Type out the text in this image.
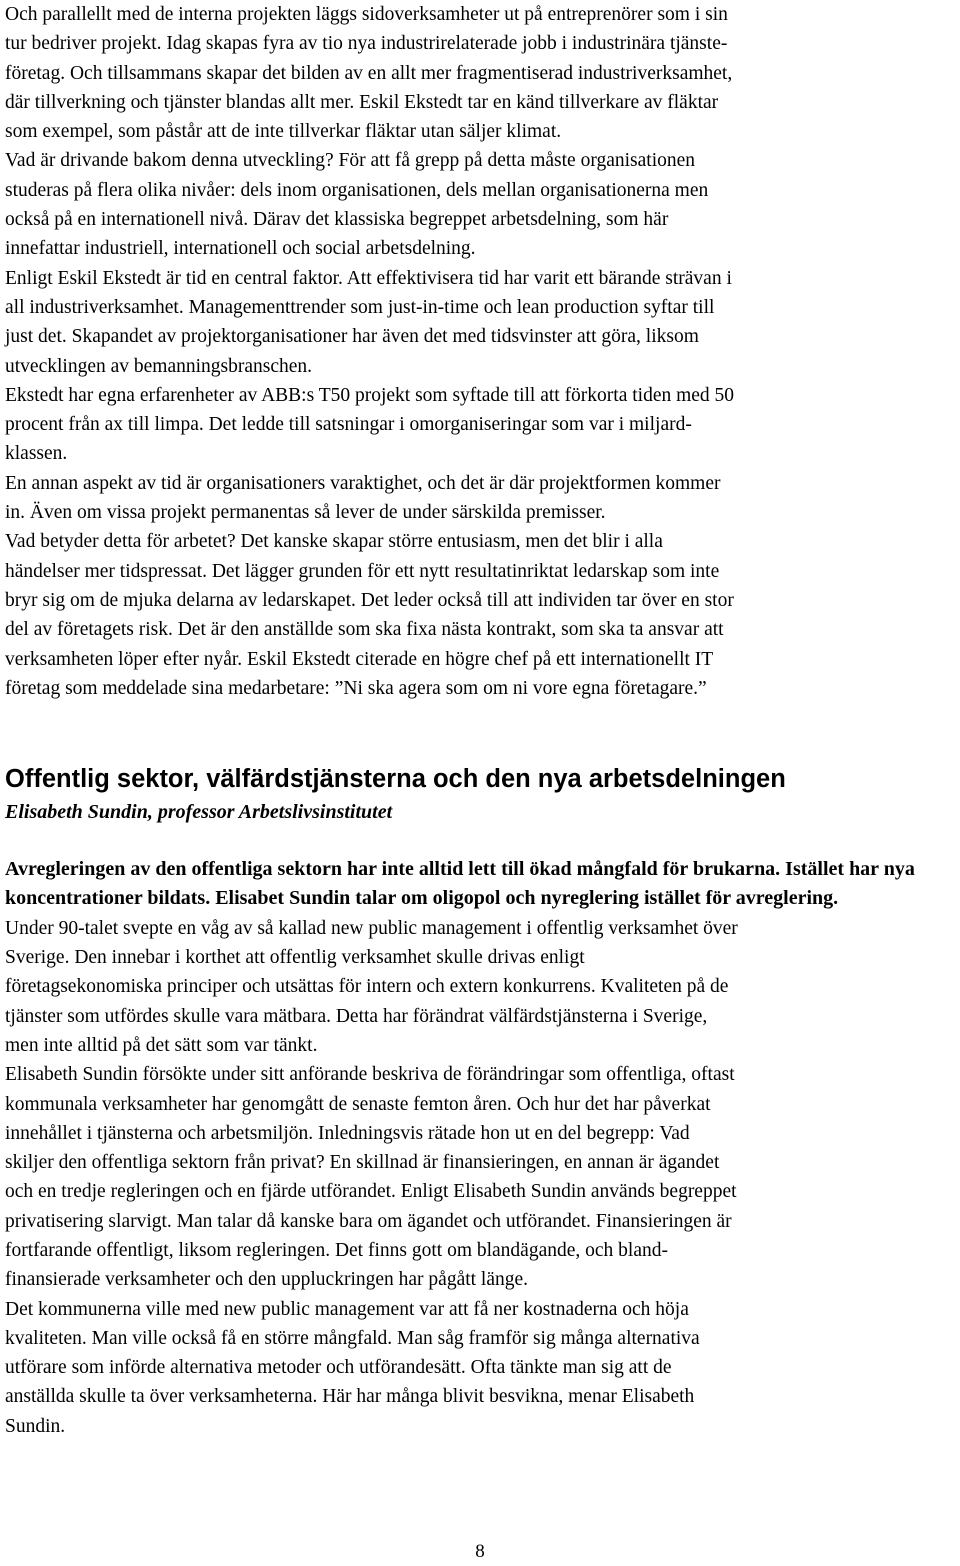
Och parallellt med de interna projekten läggs sidoverksamheter ut på entreprenörer som i sin
tur bedriver projekt. Idag skapas fyra av tio nya industrirelaterade jobb i industrinära tjänste-
företag. Och tillsammans skapar det bilden av en allt mer fragmentiserad industriverksamhet,
där tillverkning och tjänster blandas allt mer. Eskil Ekstedt tar en känd tillverkare av fläktar
som exempel, som påstår att de inte tillverkar fläktar utan säljer klimat.

Vad är drivande bakom denna utveckling? För att få grepp på detta måste organisationen
studeras på flera olika nivåer: dels inom organisationen, dels mellan organisationerna men
också på en internationell nivå. Därav det klassiska begreppet arbetsdelning, som här
innefattar industriell, internationell och social arbetsdelning.

Enligt Eskil Ekstedt är tid en central faktor. Att effektivisera tid har varit ett bärande strävan i
all industriverksamhet. Managementtrender som just-in-time och lean production syftar till
just det. Skapandet av projektorganisationer har även det med tidsvinster att göra, liksom
utvecklingen av bemanningsbranschen.

Ekstedt har egna erfarenheter av ABB:s T50 projekt som syftade till att förkorta tiden med 50
procent från ax till limpa. Det ledde till satsningar i omorganiseringar som var i miljard-
klassen.

En annan aspekt av tid är organisationers varaktighet, och det är där projektformen kommer
in. Även om vissa projekt permanentas så lever de under särskilda premisser.

Vad betyder detta för arbetet? Det kanske skapar större entusiasm, men det blir i alla
händelser mer tidspressat. Det lägger grunden för ett nytt resultatinriktat ledarskap som inte
bryr sig om de mjuka delarna av ledarskapet. Det leder också till att individen tar över en stor
del av företagets risk. Det är den anställde som ska fixa nästa kontrakt, som ska ta ansvar att
verksamheten löper efter nyår. Eskil Ekstedt citerade en högre chef på ett internationellt IT
företag som meddelade sina medarbetare: ”Ni ska agera som om ni vore egna företagare.”

Offentlig sektor, välfärdstjänsterna och den nya arbetsdelningen

Elisabeth Sundin, professor Arbetslivsinstitutet

Avregleringen av den offentliga sektorn har inte alltid lett till ökad mångfald för brukarna. Istället har nya koncentrationer bildats. Elisabet Sundin talar om oligopol och nyreglering istället för avreglering.

Under 90-talet svepte en våg av så kallad new public management i offentlig verksamhet över
Sverige. Den innebar i korthet att offentlig verksamhet skulle drivas enligt
företagsekonomiska principer och utsättas för intern och extern konkurrens. Kvaliteten på de
tjänster som utfördes skulle vara mätbara. Detta har förändrat välfärdstjänsterna i Sverige,
men inte alltid på det sätt som var tänkt.

Elisabeth Sundin försökte under sitt anförande beskriva de förändringar som offentliga, oftast
kommunala verksamheter har genomgått de senaste femton åren. Och hur det har påverkat
innehållet i tjänsterna och arbetsmiljön. Inledningsvis rätade hon ut en del begrepp: Vad
skiljer den offentliga sektorn från privat? En skillnad är finansieringen, en annan är ägandet
och en tredje regleringen och en fjärde utförandet. Enligt Elisabeth Sundin används begreppet
privatisering slarvigt. Man talar då kanske bara om ägandet och utförandet. Finansieringen är
fortfarande offentligt, liksom regleringen. Det finns gott om blandägande, och bland-
finansierade verksamheter och den uppluckringen har pågått länge.

Det kommunerna ville med new public management var att få ner kostnaderna och höja
kvaliteten. Man ville också få en större mångfald. Man såg framför sig många alternativa
utförare som införde alternativa metoder och utförandesätt. Ofta tänkte man sig att de
anställda skulle ta över verksamheterna. Här har många blivit besvikna, menar Elisabeth
Sundin.

8
